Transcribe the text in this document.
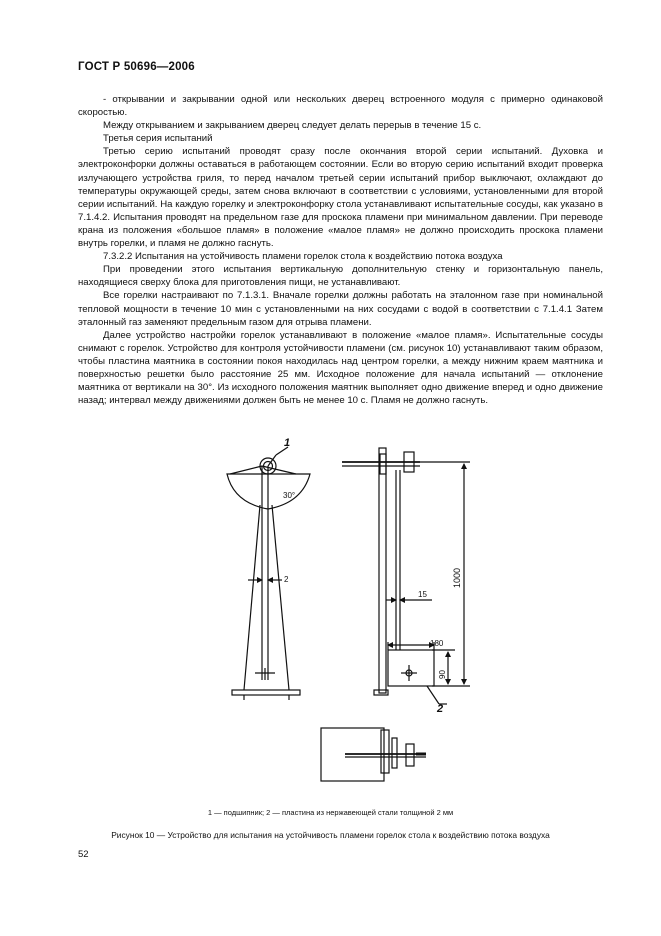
ГОСТ Р 50696—2006

- открывании и закрывании одной или нескольких дверец встроенного модуля с примерно одинаковой скоростью.

Между открыванием и закрыванием дверец следует делать перерыв в течение 15 с.

Третья серия испытаний

Третью серию испытаний проводят сразу после окончания второй серии испытаний. Духовка и электроконфорки должны оставаться в работающем состоянии. Если во вторую серию испытаний входит проверка излучающего устройства гриля, то перед началом третьей серии испытаний прибор выключают, охлаждают до температуры окружающей среды, затем снова включают в соответствии с условиями, установленными для второй серии испытаний. На каждую горелку и электроконфорку стола устанавливают испытательные сосуды, как указано в 7.1.4.2. Испытания проводят на предельном газе для проскока пламени при минимальном давлении. При переводе крана из положения «большое пламя» в положение «малое пламя» не должно происходить проскока пламени внутрь горелки, и пламя не должно гаснуть.

7.3.2.2 Испытания на устойчивость пламени горелок стола к воздействию потока воздуха

При проведении этого испытания вертикальную дополнительную стенку и горизонтальную панель, находящиеся сверху блока для приготовления пищи, не устанавливают.

Все горелки настраивают по 7.1.3.1. Вначале горелки должны работать на эталонном газе при номинальной тепловой мощности в течение 10 мин с установленными на них сосудами с водой в соответствии с 7.1.4.1 Затем эталонный газ заменяют предельным газом для отрыва пламени.

Далее устройство настройки горелок устанавливают в положение «малое пламя». Испытательные сосуды снимают с горелок. Устройство для контроля устойчивости пламени (см. рисунок 10) устанавливают таким образом, чтобы пластина маятника в состоянии покоя находилась над центром горелки, а между нижним краем маятника и поверхностью решетки было расстояние 25 мм. Исходное положение для начала испытаний — отклонение маятника от вертикали на 30°. Из исходного положения маятник выполняет одно движение вперед и одно движение назад; интервал между движениями должен быть не менее 10 с. Пламя не должно гаснуть.

1
30°
2	1000
15
180
90
2
1 — подшипник; 2 — пластина из нержавеющей стали толщиной 2 мм
Рисунок 10 — Устройство для испытания на устойчивость пламени горелок стола к воздействию потока воздуха
52
